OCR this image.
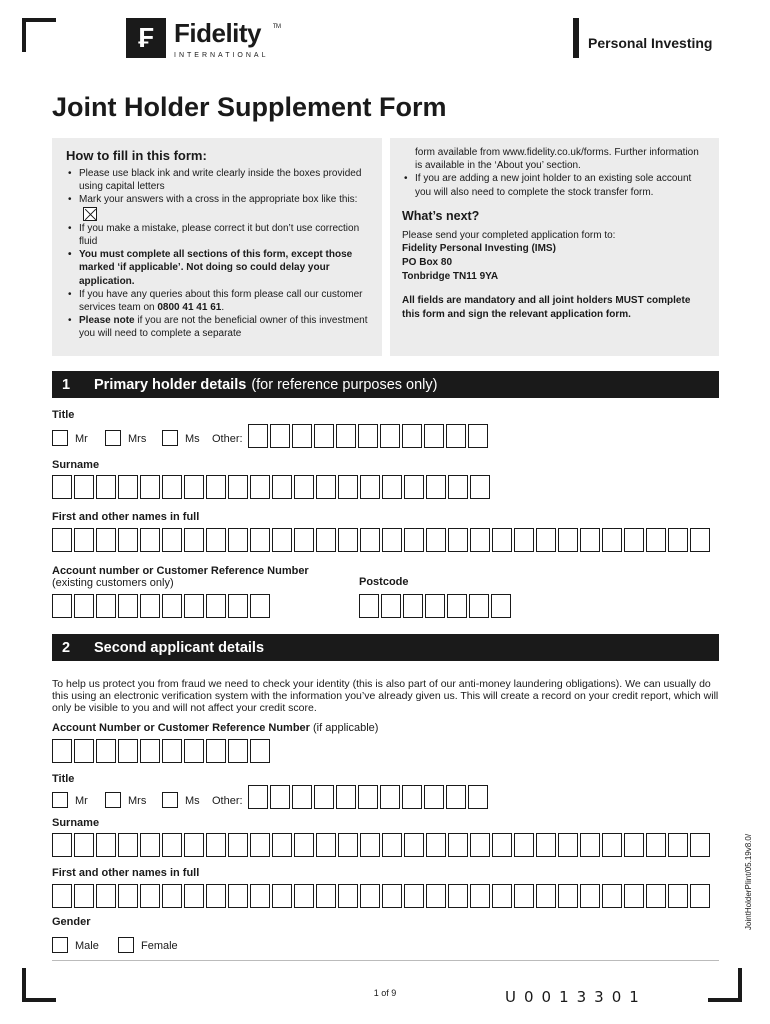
₣ Fidelity TM
INTERNATIONAL
Personal Investing
Joint Holder Supplement Form
How to fill in this form:
• Please use black ink and write clearly inside the boxes provided using capital letters
• Mark your answers with a cross in the appropriate box like this:
• If you make a mistake, please correct it but don’t use correction fluid
• You must complete all sections of this form, except those marked ‘if applicable’. Not doing so could delay your application.
• If you have any queries about this form please call our customer services team on 0800 41 41 61.
• Please note if you are not the beneficial owner of this investment you will need to complete a separate

form available from www.fidelity.co.uk/forms. Further information is available in the ‘About you’ section.

• If you are adding a new joint holder to an existing sole account you will also need to complete the stock transfer form.
What’s next?

Please send your completed application form to:

Fidelity Personal Investing (IMS)

PO Box 80

Tonbridge TN11 9YA

All fields are mandatory and all joint holders MUST complete this form and sign the relevant application form.

1	Primary holder details (for reference purposes only)
Title
Mr	Mrs	Ms Other:
Surname
First and other names in full
Account number or Customer Reference Number
(existing customers only)	Postcode
2	Second applicant details

To help us protect you from fraud we need to check your identity (this is also part of our anti-money laundering obligations). We can usually do this using an electronic verification system with the information you’ve already given us. This will create a record on your credit report, which will only be visible to you and will not affect your credit score.

Account Number or Customer Reference Number (if applicable)
Title
Mr	Mrs	Ms Other:
Surname
First and other names in full
Gender
Male	Female
1 of 9	U0013301
JointHolderPIint/05.19v8.0/
